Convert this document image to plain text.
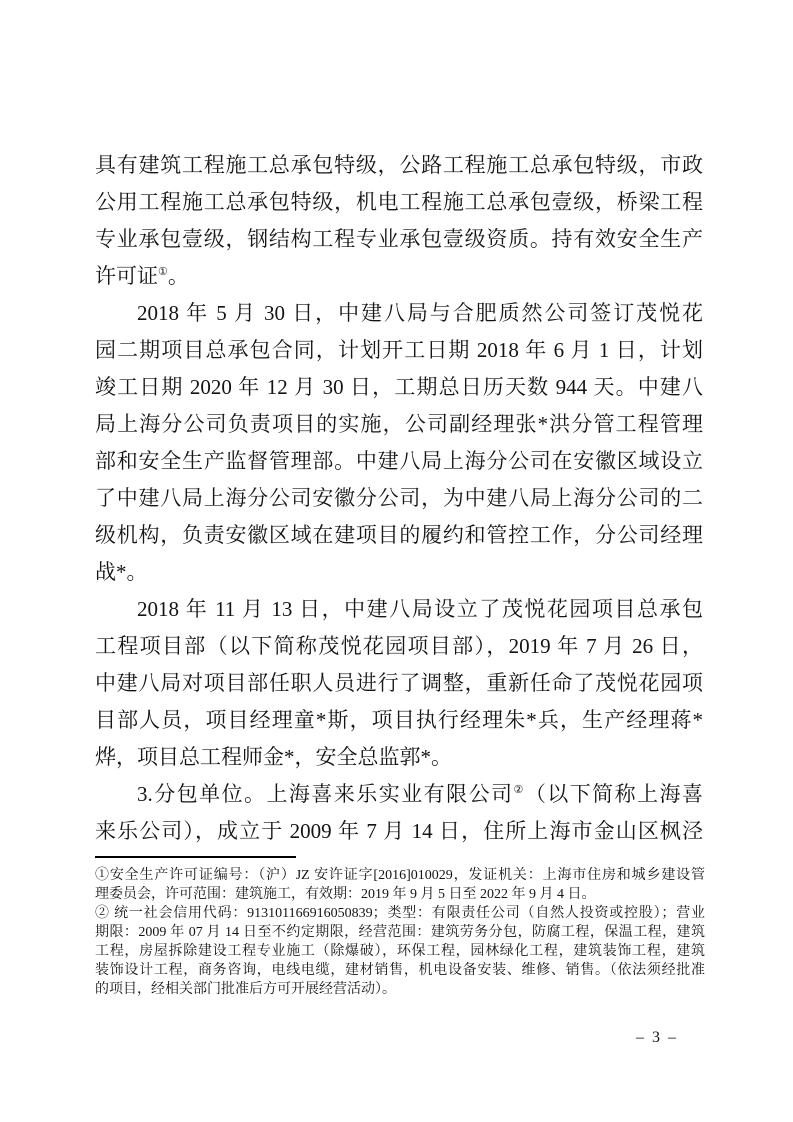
具有建筑工程施工总承包特级，公路工程施工总承包特级，市政
公用工程施工总承包特级，机电工程施工总承包壹级，桥梁工程
专业承包壹级，钢结构工程专业承包壹级资质。持有效安全生产
许可证①。
2018 年 5 月 30 日，中建八局与合肥质然公司签订茂悦花
园二期项目总承包合同，计划开工日期 2018 年 6 月 1 日，计划
竣工日期 2020 年 12 月 30 日，工期总日历天数 944 天。中建八
局上海分公司负责项目的实施，公司副经理张*洪分管工程管理
部和安全生产监督管理部。中建八局上海分公司在安徽区域设立
了中建八局上海分公司安徽分公司，为中建八局上海分公司的二
级机构，负责安徽区域在建项目的履约和管控工作，分公司经理
战*。
2018 年 11 月 13 日，中建八局设立了茂悦花园项目总承包
工程项目部（以下简称茂悦花园项目部），2019 年 7 月 26 日，
中建八局对项目部任职人员进行了调整，重新任命了茂悦花园项
目部人员，项目经理童*斯，项目执行经理朱*兵，生产经理蒋*
烨，项目总工程师金*，安全总监郭*。
3.分包单位。上海喜来乐实业有限公司②（以下简称上海喜
来乐公司），成立于 2009 年 7 月 14 日，住所上海市金山区枫泾
①安全生产许可证编号：（沪）JZ 安许证字[2016]010029，发证机关：上海市住房和城乡建设管
理委员会，许可范围：建筑施工，有效期：2019 年 9 月 5 日至 2022 年 9 月 4 日。
② 统一社会信用代码：913101166916050839；类型：有限责任公司（自然人投资或控股）；营业
期限：2009 年 07 月 14 日至不约定期限，经营范围：建筑劳务分包，防腐工程，保温工程，建筑
工程，房屋拆除建设工程专业施工（除爆破），环保工程，园林绿化工程，建筑装饰工程，建筑
装饰设计工程，商务咨询，电线电缆，建材销售，机电设备安装、维修、销售。（依法须经批准
的项目，经相关部门批准后方可开展经营活动）。
– 3 –
